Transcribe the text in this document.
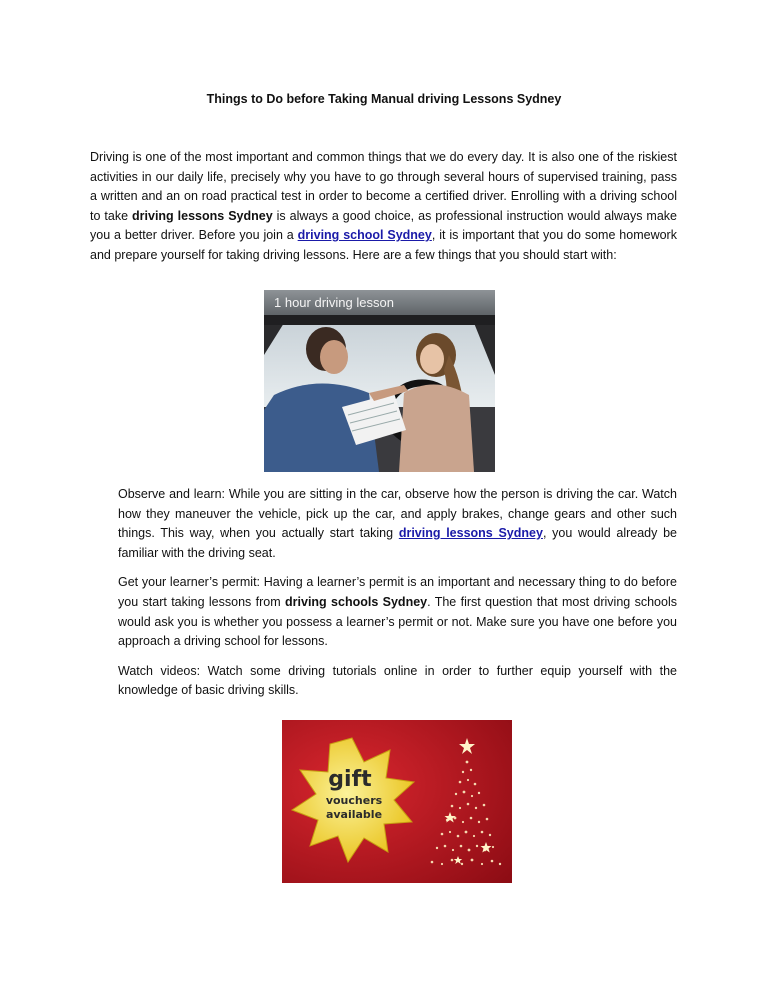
Things to Do before Taking Manual driving Lessons Sydney

Driving is one of the most important and common things that we do every day. It is also one of the riskiest activities in our daily life, precisely why you have to go through several hours of supervised training, pass a written and an on road practical test in order to become a certified driver. Enrolling with a driving school to take driving lessons Sydney is always a good choice, as professional instruction would always make you a better driver. Before you join a driving school Sydney, it is important that you do some homework and prepare yourself for taking driving lessons. Here are a few things that you should start with:

1 hour driving lesson

Observe and learn: While you are sitting in the car, observe how the person is driving the car. Watch how they maneuver the vehicle, pick up the car, and apply brakes, change gears and other such things. This way, when you actually start taking driving lessons Sydney, you would already be familiar with the driving seat.

Get your learner’s permit: Having a learner’s permit is an important and necessary thing to do before you start taking lessons from driving schools Sydney. The first question that most driving schools would ask you is whether you possess a learner’s permit or not. Make sure you have one before you approach a driving school for lessons.

Watch videos: Watch some driving tutorials online in order to further equip yourself with the knowledge of basic driving skills.

gift
vouchers
available
